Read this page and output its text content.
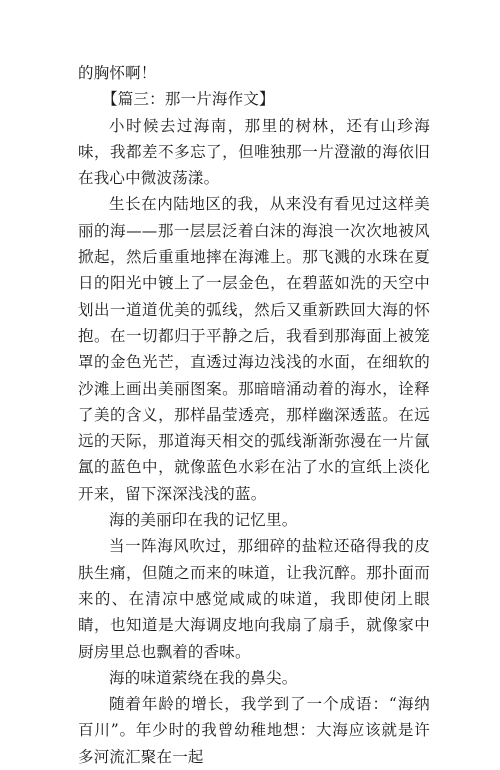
的胸怀啊！

【篇三：那一片海作文】

小时候去过海南，那里的树林，还有山珍海味，我都差不多忘了，但唯独那一片澄澈的海依旧在我心中微波荡漾。

生长在内陆地区的我，从来没有看见过这样美丽的海——那一层层泛着白沫的海浪一次次地被风掀起，然后重重地摔在海滩上。那飞溅的水珠在夏日的阳光中镀上了一层金色，在碧蓝如洗的天空中划出一道道优美的弧线，然后又重新跌回大海的怀抱。在一切都归于平静之后，我看到那海面上被笼罩的金色光芒，直透过海边浅浅的水面，在细软的沙滩上画出美丽图案。那暗暗涌动着的海水，诠释了美的含义，那样晶莹透亮，那样幽深透蓝。在远远的天际，那道海天相交的弧线渐渐弥漫在一片氤氲的蓝色中，就像蓝色水彩在沾了水的宣纸上淡化开来，留下深深浅浅的蓝。

海的美丽印在我的记忆里。

当一阵海风吹过，那细碎的盐粒还硌得我的皮肤生痛，但随之而来的味道，让我沉醉。那扑面而来的、在清凉中感觉咸咸的味道，我即使闭上眼睛，也知道是大海调皮地向我扇了扇手，就像家中厨房里总也飘着的香味。

海的味道萦绕在我的鼻尖。

随着年龄的增长，我学到了一个成语：“海纳百川”。年少时的我曾幼稚地想：大海应该就是许多河流汇聚在一起
